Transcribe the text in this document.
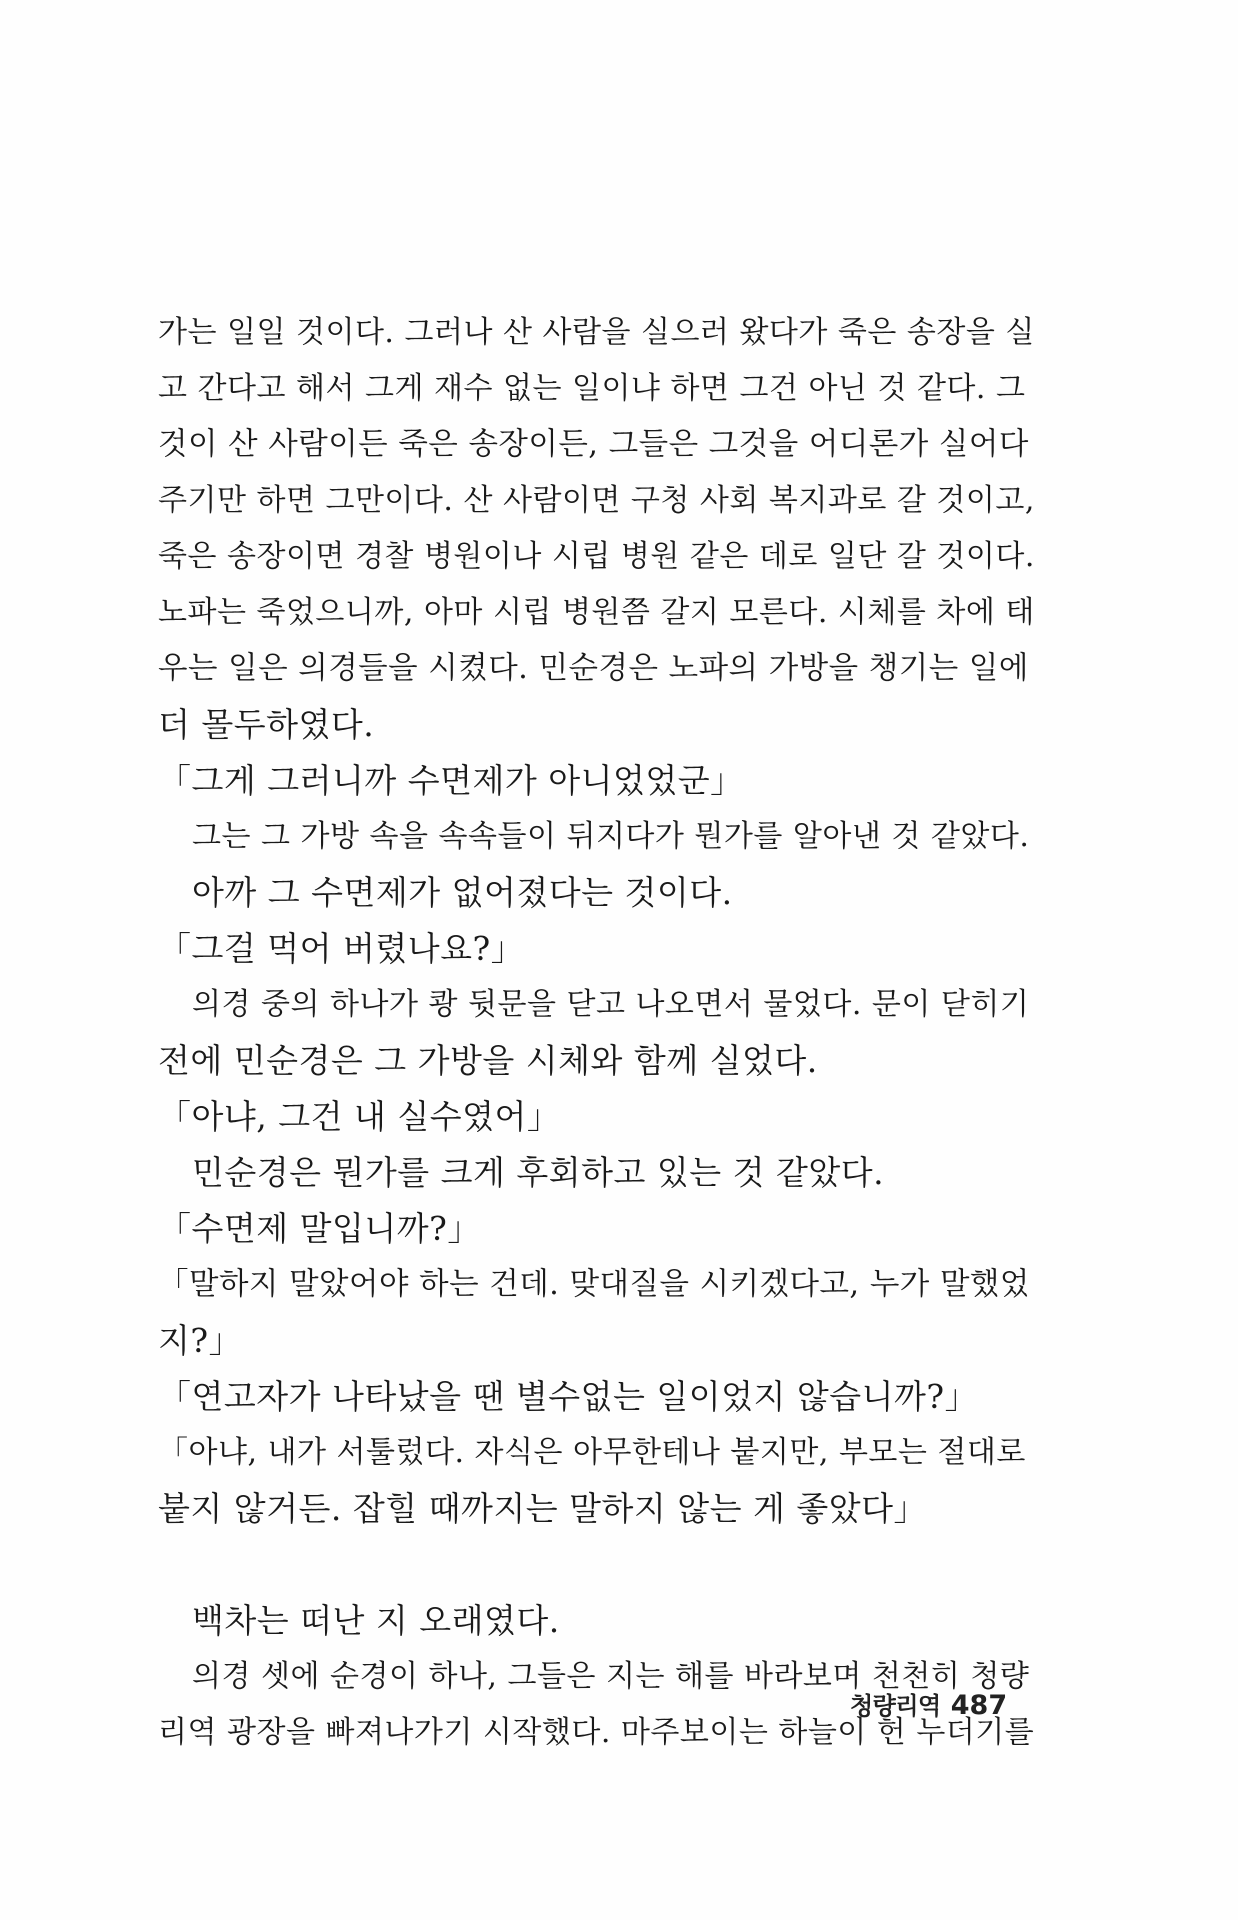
가는 일일 것이다. 그러나 산 사람을 실으러 왔다가 죽은 송장을 실
고 간다고 해서 그게 재수 없는 일이냐 하면 그건 아닌 것 같다. 그
것이 산 사람이든 죽은 송장이든, 그들은 그것을 어디론가 실어다
주기만 하면 그만이다. 산 사람이면 구청 사회 복지과로 갈 것이고,
죽은 송장이면 경찰 병원이나 시립 병원 같은 데로 일단 갈 것이다.
노파는 죽었으니까, 아마 시립 병원쯤 갈지 모른다. 시체를 차에 태
우는 일은 의경들을 시켰다. 민순경은 노파의 가방을 챙기는 일에
더 몰두하였다.
「그게 그러니까 수면제가 아니었었군」
그는 그 가방 속을 속속들이 뒤지다가 뭔가를 알아낸 것 같았다.
아까 그 수면제가 없어졌다는 것이다.
「그걸 먹어 버렸나요?」
의경 중의 하나가 쾅 뒷문을 닫고 나오면서 물었다. 문이 닫히기
전에 민순경은 그 가방을 시체와 함께 실었다.
「아냐, 그건 내 실수였어」
민순경은 뭔가를 크게 후회하고 있는 것 같았다.
「수면제 말입니까?」
「말하지 말았어야 하는 건데. 맞대질을 시키겠다고, 누가 말했었
지?」
「연고자가 나타났을 땐 별수없는 일이었지 않습니까?」
「아냐, 내가 서툴렀다. 자식은 아무한테나 붙지만, 부모는 절대로
붙지 않거든. 잡힐 때까지는 말하지 않는 게 좋았다」
백차는 떠난 지 오래였다.
의경 셋에 순경이 하나, 그들은 지는 해를 바라보며 천천히 청량
리역 광장을 빠져나가기 시작했다. 마주보이는 하늘이 헌 누더기를
청량리역 487
